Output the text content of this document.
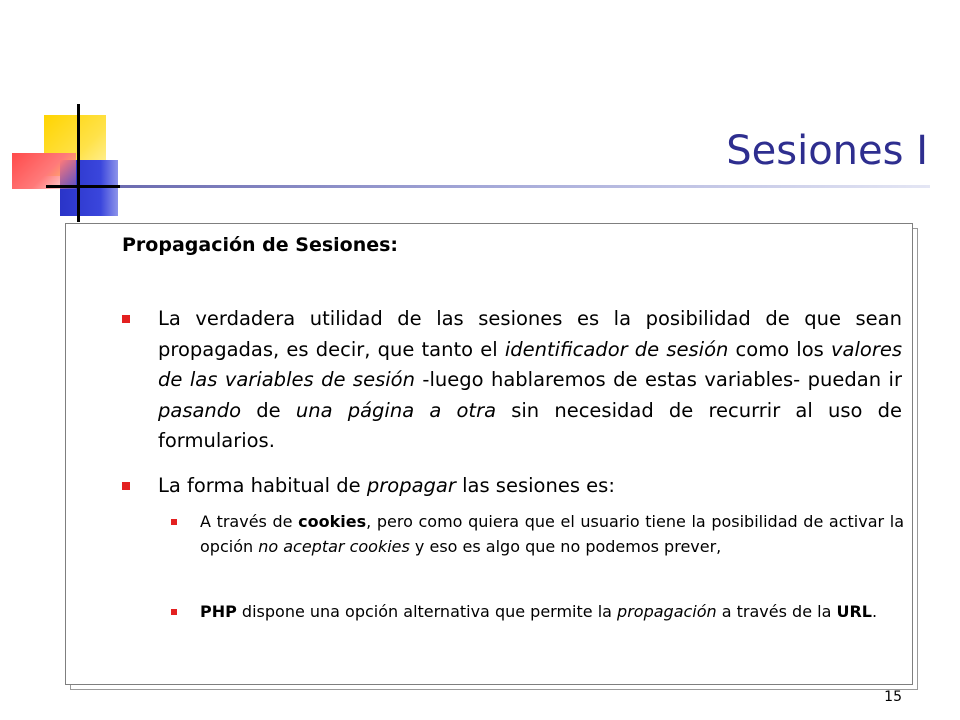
Sesiones I

Propagación de Sesiones:

La verdadera utilidad de las sesiones es la posibilidad de que sean propagadas, es decir, que tanto el identificador de sesión como los valores de las variables de sesión -luego hablaremos de estas variables- puedan ir pasando de una página a otra sin necesidad de recurrir al uso de formularios.
La forma habitual de propagar las sesiones es:
A través de cookies, pero como quiera que el usuario tiene la posibilidad de activar la opción no aceptar cookies y eso es algo que no podemos prever,
PHP dispone una opción alternativa que permite la propagación a través de la URL.
15
